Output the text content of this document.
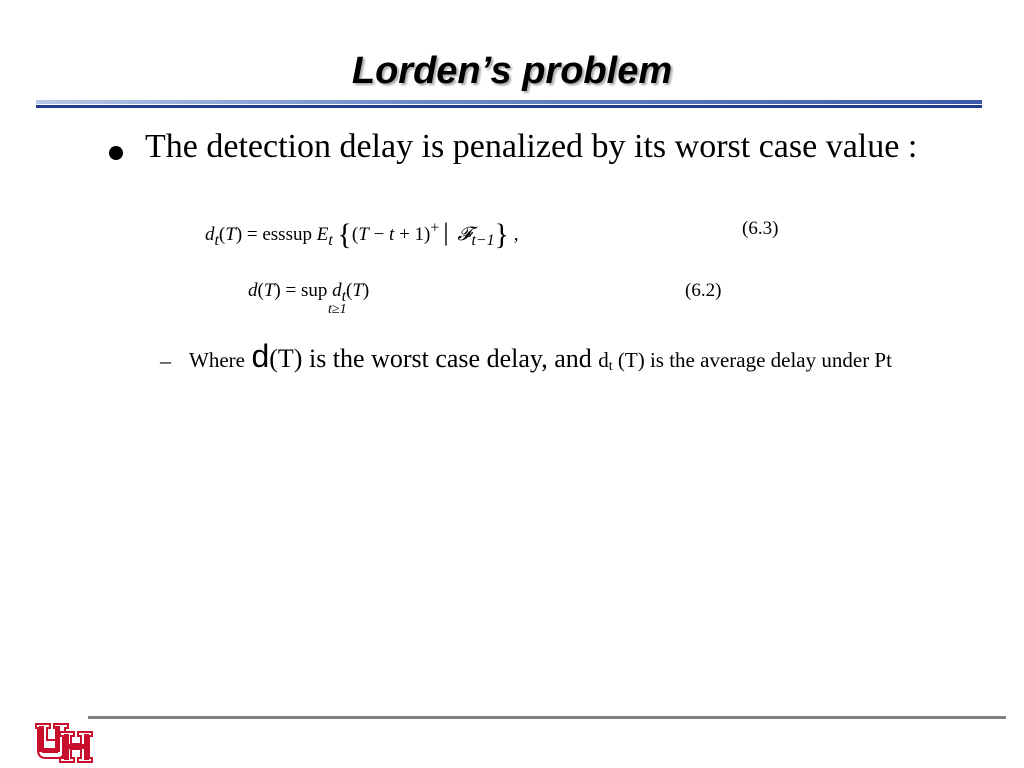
Lorden’s problem
The detection delay is penalized by its worst case value :
$d_t(T)$ = esssup $E_t$ {(T − t + 1)+│ 𝓕$_{t-1}$} ,	(6.3)
d(T) = sup $d_t(T)$
t≥1
(6.2)
– Where d(T) is the worst case delay, and dt (T) is the average delay under Pt
